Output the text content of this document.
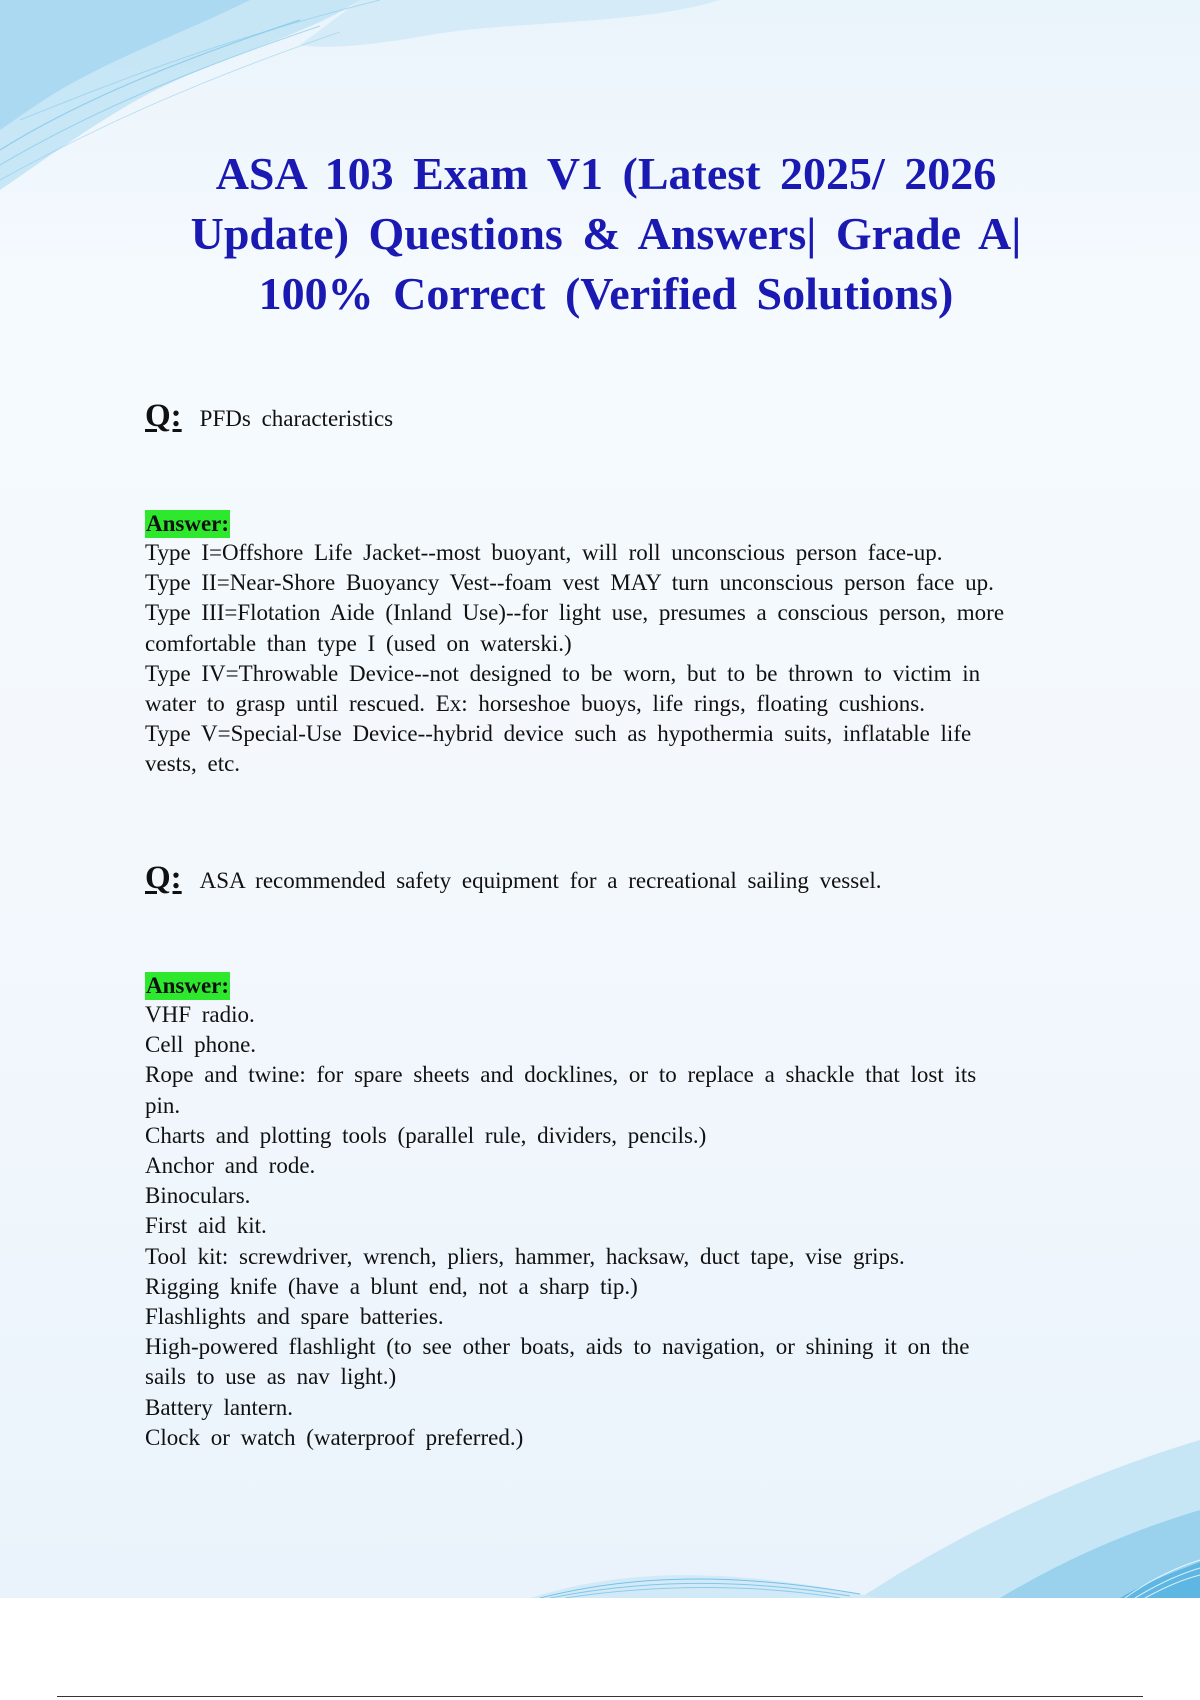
ASA 103 Exam V1 (Latest 2025/ 2026 Update) Questions & Answers| Grade A| 100% Correct (Verified Solutions)
Q: PFDs characteristics
Answer:
Type I=Offshore Life Jacket--most buoyant, will roll unconscious person face-up.
Type II=Near-Shore Buoyancy Vest--foam vest MAY turn unconscious person face up.
Type III=Flotation Aide (Inland Use)--for light use, presumes a conscious person, more
comfortable than type I (used on waterski.)
Type IV=Throwable Device--not designed to be worn, but to be thrown to victim in
water to grasp until rescued. Ex: horseshoe buoys, life rings, floating cushions.
Type V=Special-Use Device--hybrid device such as hypothermia suits, inflatable life
vests, etc.
Q: ASA recommended safety equipment for a recreational sailing vessel.
Answer:
VHF radio.
Cell phone.
Rope and twine: for spare sheets and docklines, or to replace a shackle that lost its
pin.
Charts and plotting tools (parallel rule, dividers, pencils.)
Anchor and rode.
Binoculars.
First aid kit.
Tool kit: screwdriver, wrench, pliers, hammer, hacksaw, duct tape, vise grips.
Rigging knife (have a blunt end, not a sharp tip.)
Flashlights and spare batteries.
High-powered flashlight (to see other boats, aids to navigation, or shining it on the
sails to use as nav light.)
Battery lantern.
Clock or watch (waterproof preferred.)
